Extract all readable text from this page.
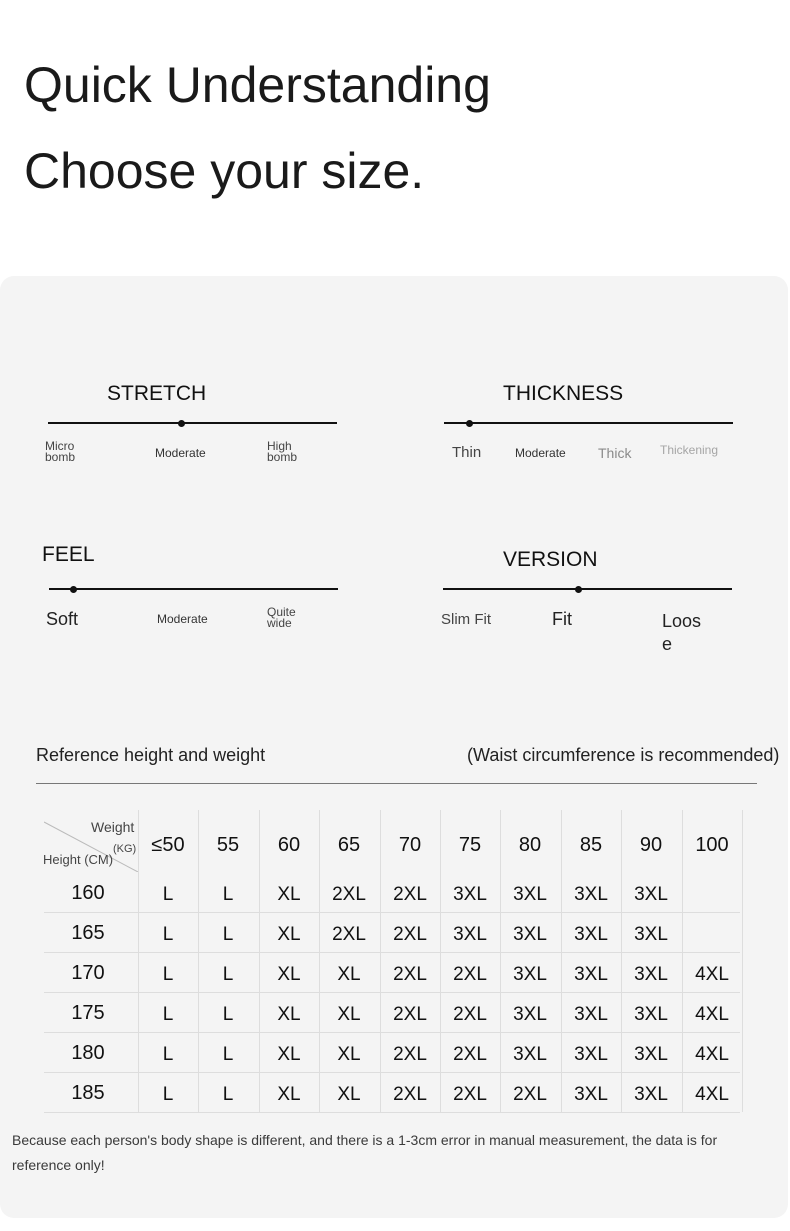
Quick Understanding
Choose your size.
STRETCH
Micro bomb	Moderate	High bomb
THICKNESS
Thin	Moderate Thick Thickening
FEEL
Soft	Moderate	Quite wide
VERSION
Slim Fit	Fit	Loose
Reference height and weight	(Waist circumference is recommended)
Weight
(KG)
Height (CM)
≤50	55	60	65	70	75	80	85	90	100
160	L	L	XL	2XL	2XL	3XL	3XL	3XL	3XL
165	L	L	XL	2XL	2XL	3XL	3XL	3XL	3XL
170	L	L	XL	XL	2XL	2XL	3XL	3XL	3XL	4XL
175	L	L	XL	XL	2XL	2XL	3XL	3XL	3XL	4XL
180	L	L	XL	XL	2XL	2XL	3XL	3XL	3XL	4XL
185	L	L	XL	XL	2XL	2XL	2XL	3XL	3XL	4XL
Because each person's body shape is different, and there is a 1-3cm error in manual measurement, the data is for reference only!
